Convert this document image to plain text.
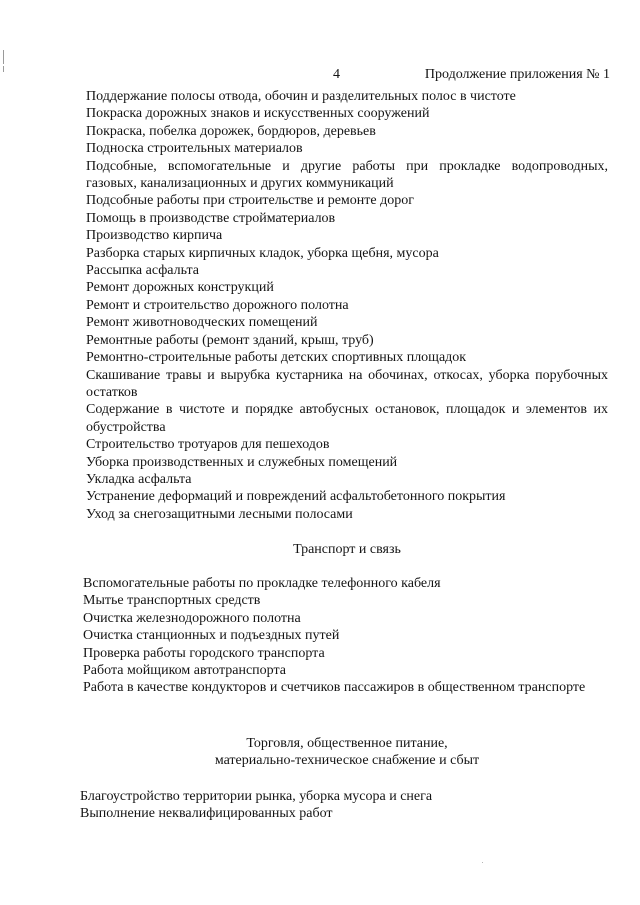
4	Продолжение приложения № 1
Поддержание полосы отвода, обочин и разделительных полос в чистоте
Покраска дорожных знаков и искусственных сооружений
Покраска, побелка дорожек, бордюров, деревьев
Подноска строительных материалов
Подсобные, вспомогательные и другие работы при прокладке водопроводных, газовых, канализационных и других коммуникаций
Подсобные работы при строительстве и ремонте дорог
Помощь в производстве стройматериалов
Производство кирпича
Разборка старых кирпичных кладок, уборка щебня, мусора
Рассыпка асфальта
Ремонт дорожных конструкций
Ремонт и строительство дорожного полотна
Ремонт животноводческих помещений
Ремонтные работы (ремонт зданий, крыш, труб)
Ремонтно-строительные работы детских спортивных площадок
Скашивание травы и вырубка кустарника на обочинах, откосах, уборка порубочных остатков
Содержание в чистоте и порядке автобусных остановок, площадок и элементов их обустройства
Строительство тротуаров для пешеходов
Уборка производственных и служебных помещений
Укладка асфальта
Устранение деформаций и повреждений асфальтобетонного покрытия
Уход за снегозащитными лесными полосами

Транспорт и связь

Вспомогательные работы по прокладке телефонного кабеля
Мытье транспортных средств
Очистка железнодорожного полотна
Очистка станционных и подъездных путей
Проверка работы городского транспорта
Работа мойщиком автотранспорта
Работа в качестве кондукторов и счетчиков пассажиров в общественном транспорте
Торговля, общественное питание,
материально-техническое снабжение и сбыт
Благоустройство территории рынка, уборка мусора и снега
Выполнение неквалифицированных работ
